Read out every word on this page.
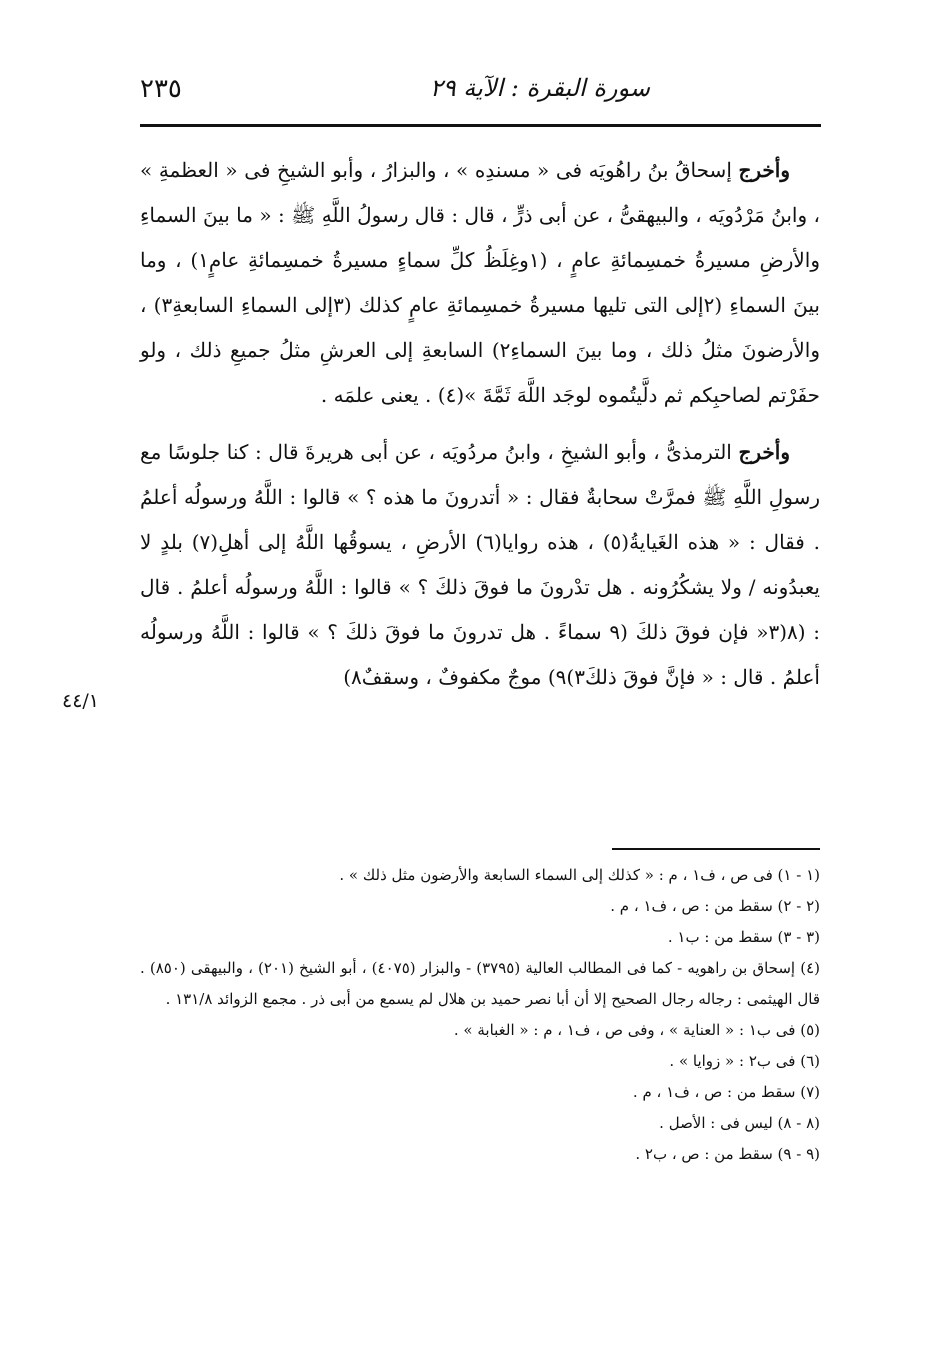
٢٣٥	سورة البقرة : الآية ٢٩

وأخرج إسحاقُ بنُ راهُويَه فى « مسندِه » ، والبزارُ ، وأبو الشيخِ فى « العظمةِ » ، وابنُ مَرْدُويَه ، والبيهقىُّ ، عن أبى ذرٍّ ، قال : قال رسولُ اللَّهِ ﷺ : « ما بينَ السماءِ والأرضِ مسيرةُ خمسِمائةِ عامٍ ، (١وغِلَظُ كلِّ سماءٍ مسيرةُ خمسِمائةِ عامٍ١) ، وما بينَ السماءِ (٢إلى التى تليها مسيرةُ خمسِمائةِ عامٍ كذلك (٣إلى السماءِ السابعةِ٣) ، والأرضونَ مثلُ ذلك ، وما بينَ السماءِ٢) السابعةِ إلى العرشِ مثلُ جميعِ ذلك ، ولو حفَرْتم لصاحبِكم ثم دلَّيتُموه لوجَد اللَّهَ ثَمَّةَ »(٤) . يعنى علمَه .

وأخرج الترمذىُّ ، وأبو الشيخِ ، وابنُ مردُويَه ، عن أبى هريرةَ قال : كنا جلوسًا مع رسولِ اللَّهِ ﷺ فمرَّتْ سحابةٌ فقال : « أتدرونَ ما هذه ؟ » قالوا : اللَّهُ ورسولُه أعلمُ . فقال : « هذه الغَيايةُ(٥) ، هذه روايا(٦) الأرضِ ، يسوقُها اللَّهُ إلى أهلِ(٧) بلدٍ لا يعبدُونه / ولا يشكُرُونه . هل تدْرونَ ما فوقَ ذلكَ ؟ » قالوا : اللَّهُ ورسولُه أعلمُ . قال : (٨(٣« فإن فوقَ ذلكَ (٩ سماءً . هل تدرونَ ما فوقَ ذلكَ ؟ » قالوا : اللَّهُ ورسولُه أعلمُ . قال : « فإنَّ فوقَ ذلكَ٣)٩) موجٌ مكفوفٌ ، وسقفٌ٨)

٤٤/١

(١ - ١) فى ص ، ف١ ، م : « كذلك إلى السماء السابعة والأرضون مثل ذلك » .

(٢ - ٢) سقط من : ص ، ف١ ، م .

(٣ - ٣) سقط من : ب١ .

(٤) إسحاق بن راهويه - كما فى المطالب العالية (٣٧٩٥) - والبزار (٤٠٧٥) ، أبو الشيخ (٢٠١) ، والبيهقى (٨٥٠) . قال الهيثمى : رجاله رجال الصحيح إلا أن أبا نصر حميد بن هلال لم يسمع من أبى ذر . مجمع الزوائد ١٣١/٨ .

(٥) فى ب١ : « العناية » ، وفى ص ، ف١ ، م : « الغبابة » .

(٦) فى ب٢ : « زوايا » .

(٧) سقط من : ص ، ف١ ، م .

(٨ - ٨) ليس فى : الأصل .

(٩ - ٩) سقط من : ص ، ب٢ .
